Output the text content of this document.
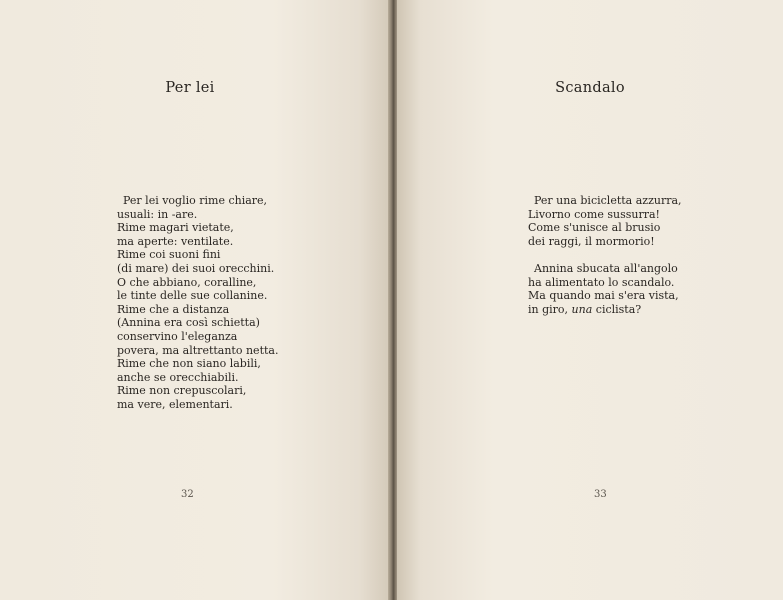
Per lei
Per lei voglio rime chiare,
usuali: in -are.
Rime magari vietate,
ma aperte: ventilate.
Rime coi suoni fini
(di mare) dei suoi orecchini.
O che abbiano, coralline,
le tinte delle sue collanine.
Rime che a distanza
(Annina era così schietta)
conservino l'eleganza
povera, ma altrettanto netta.
Rime che non siano labili,
anche se orecchiabili.
Rime non crepuscolari,
ma vere, elementari.
32
Scandalo
Per una bicicletta azzurra,
Livorno come sussurra!
Come s'unisce al brusio
dei raggi, il mormorio!
Annina sbucata all'angolo
ha alimentato lo scandalo.
Ma quando mai s'era vista,
in giro, una ciclista?
33
